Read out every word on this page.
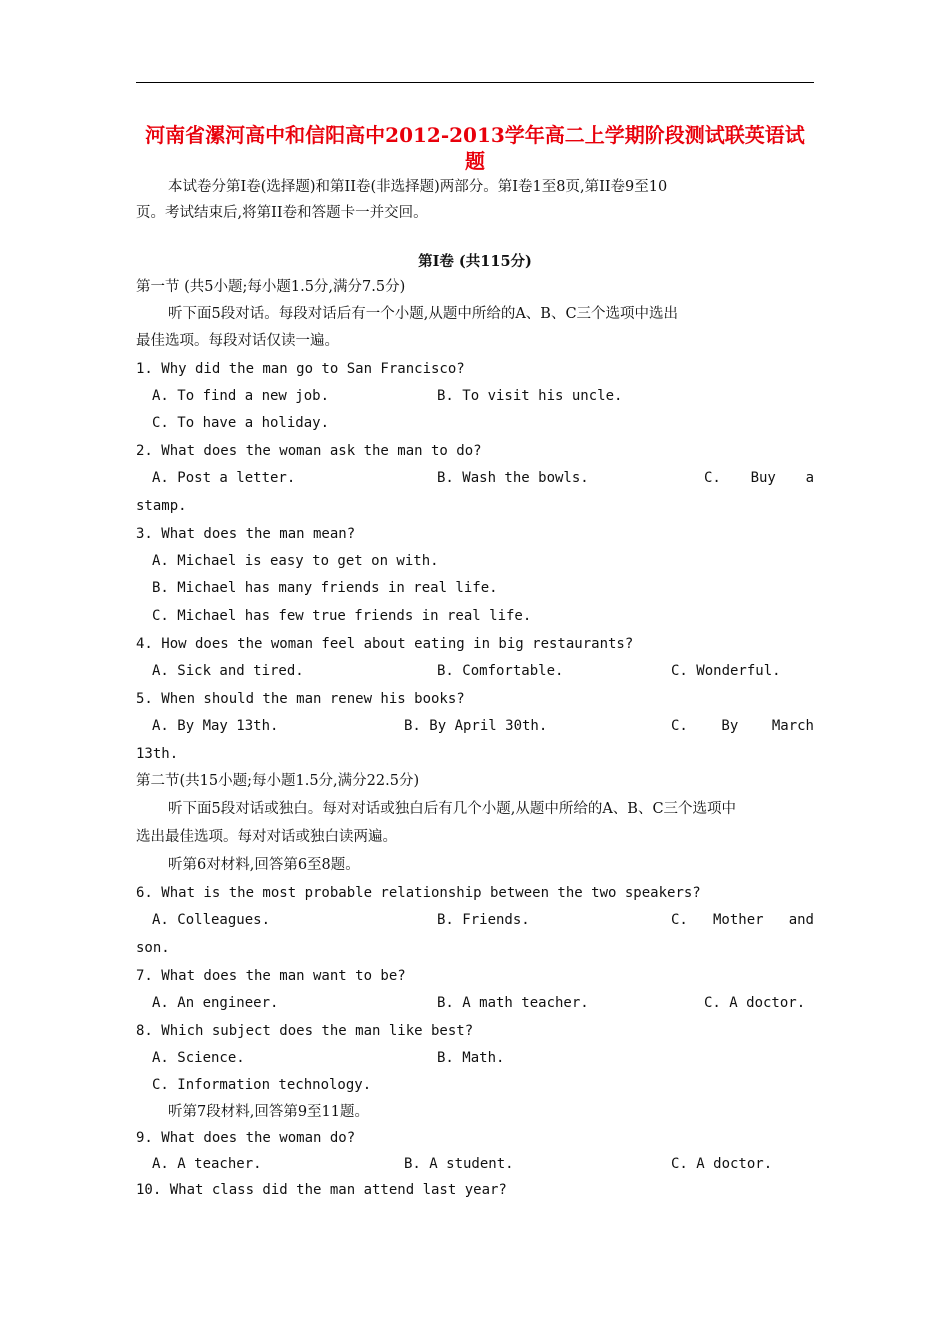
河南省漯河高中和信阳高中2012-2013学年高二上学期阶段测试联英语试题
本试卷分第Ⅰ卷(选择题)和第II卷(非选择题)两部分。第Ⅰ卷1至8页,第II卷9至10
页。考试结束后,将第II卷和答题卡一并交回。
第Ⅰ卷 (共115分)
第一节 (共5小题;每小题1.5分,满分7.5分)
听下面5段对话。每段对话后有一个小题,从题中所给的A、B、C三个选项中选出
最佳选项。每段对话仅读一遍。
1. Why did the man go to San Francisco?
A. To find a new job.	B. To visit his uncle.
C. To have a holiday.
2. What does the woman ask the man to do?
A. Post a letter.	B. Wash the bowls.	C. Buy a
stamp.
3. What does the man mean?
A. Michael is easy to get on with.
B. Michael has many friends in real life.
C. Michael has few true friends in real life.
4. How does the woman feel about eating in big restaurants?
A. Sick and tired.	B. Comfortable.	C. Wonderful.
5. When should the man renew his books?
A. By May 13th.	B. By April 30th.	C. By March
13th.
第二节(共15小题;每小题1.5分,满分22.5分)
听下面5段对话或独白。每对对话或独白后有几个小题,从题中所给的A、B、C三个选项中
选出最佳选项。每对对话或独白读两遍。
听第6对材料,回答第6至8题。
6. What is the most probable relationship between the two speakers?
A. Colleagues.	B. Friends.	C. Mother and
son.
7. What does the man want to be?
A. An engineer.	B. A math teacher.	C. A doctor.
8. Which subject does the man like best?
A. Science.	B. Math.
C. Information technology.
听第7段材料,回答第9至11题。
9. What does the woman do?
A. A teacher.	B. A student.	C. A doctor.
10. What class did the man attend last year?
